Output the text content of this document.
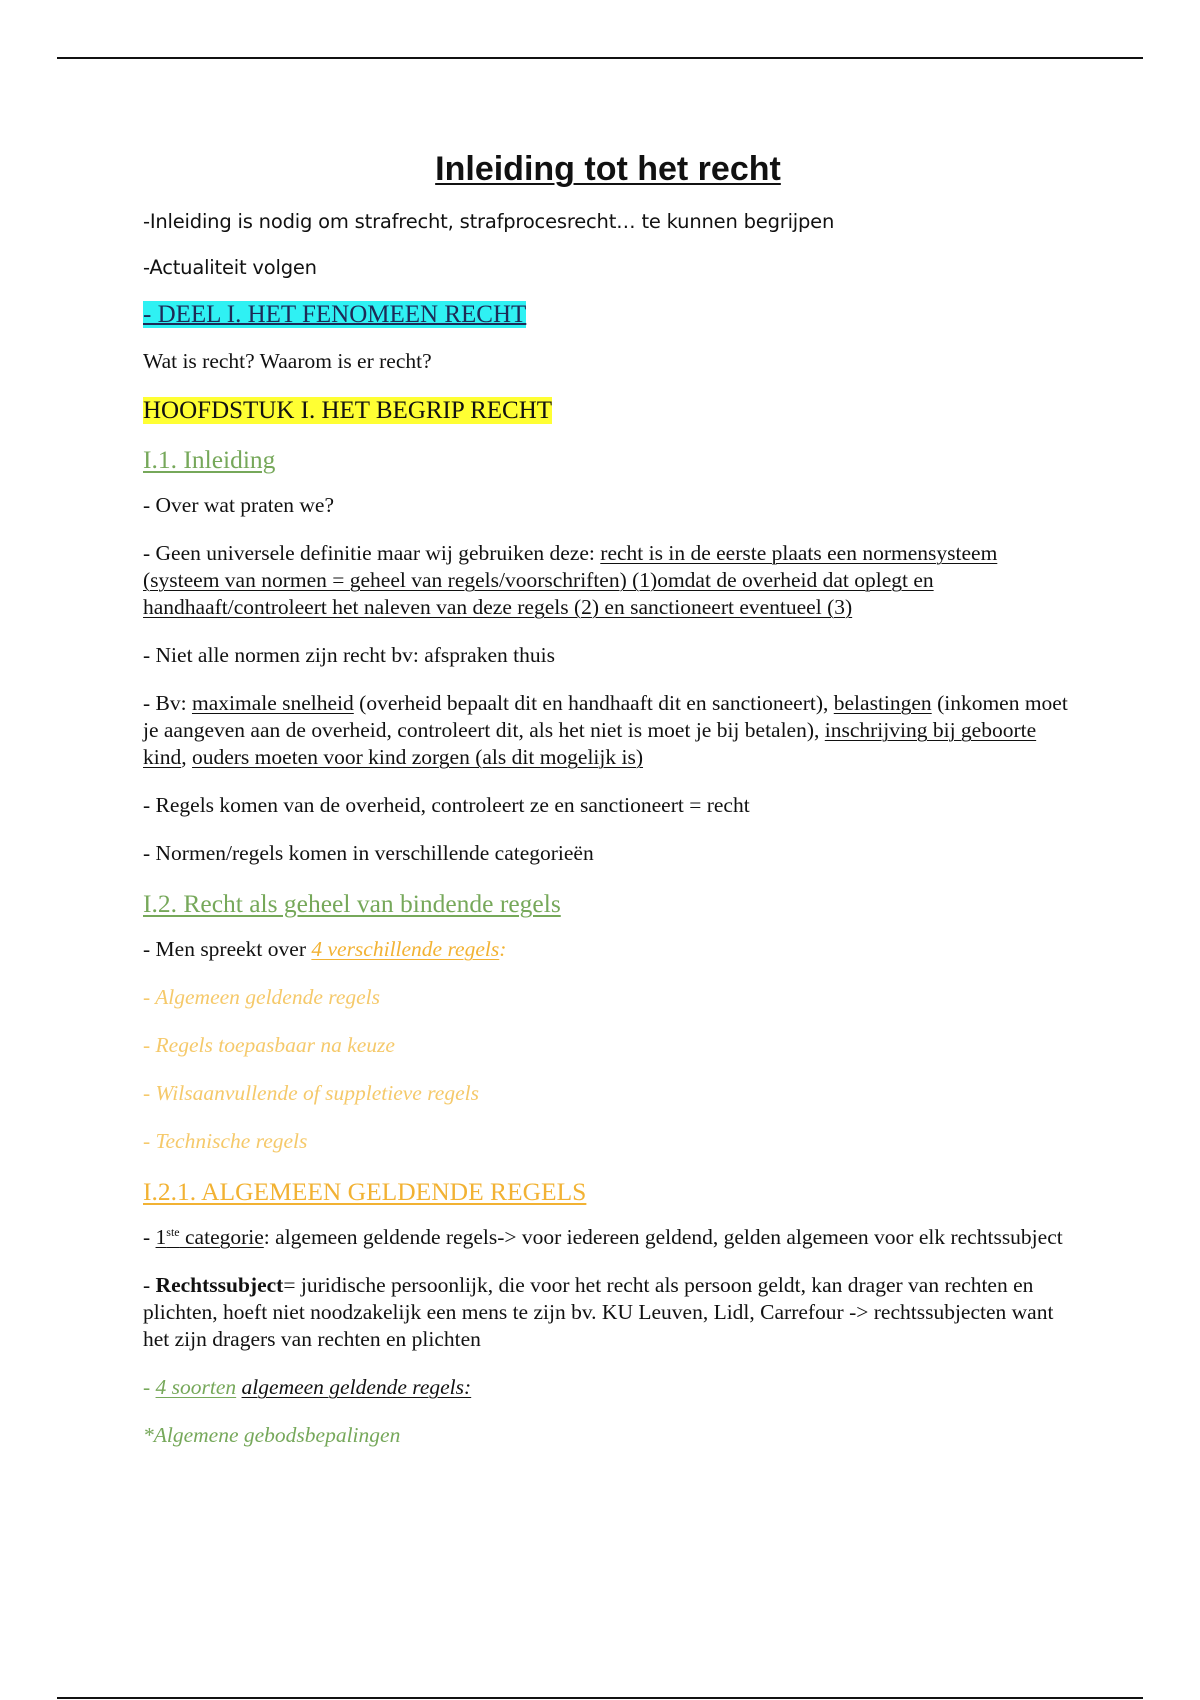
Inleiding tot het recht
-Inleiding is nodig om strafrecht, strafprocesrecht… te kunnen begrijpen
-Actualiteit volgen
- DEEL I. HET FENOMEEN RECHT
Wat is recht? Waarom is er recht?
HOOFDSTUK I. HET BEGRIP RECHT
I.1. Inleiding
- Over wat praten we?
- Geen universele definitie maar wij gebruiken deze: recht is in de eerste plaats een normensysteem (systeem van normen = geheel van regels/voorschriften) (1)omdat de overheid dat oplegt en handhaaft/controleert het naleven van deze regels (2) en sanctioneert eventueel (3)
- Niet alle normen zijn recht bv: afspraken thuis
- Bv: maximale snelheid (overheid bepaalt dit en handhaaft dit en sanctioneert), belastingen (inkomen moet je aangeven aan de overheid, controleert dit, als het niet is moet je bij betalen), inschrijving bij geboorte kind, ouders moeten voor kind zorgen (als dit mogelijk is)
- Regels komen van de overheid, controleert ze en sanctioneert = recht
- Normen/regels komen in verschillende categorieën
I.2. Recht als geheel van bindende regels
- Men spreekt over 4 verschillende regels:
- Algemeen geldende regels
- Regels toepasbaar na keuze
- Wilsaanvullende of suppletieve regels
- Technische regels
I.2.1. ALGEMEEN GELDENDE REGELS
- 1ste categorie: algemeen geldende regels-> voor iedereen geldend, gelden algemeen voor elk rechtssubject
- Rechtssubject= juridische persoonlijk, die voor het recht als persoon geldt, kan drager van rechten en plichten, hoeft niet noodzakelijk een mens te zijn bv. KU Leuven, Lidl, Carrefour -> rechtssubjecten want het zijn dragers van rechten en plichten
- 4 soorten algemeen geldende regels:
*Algemene gebodsbepalingen
